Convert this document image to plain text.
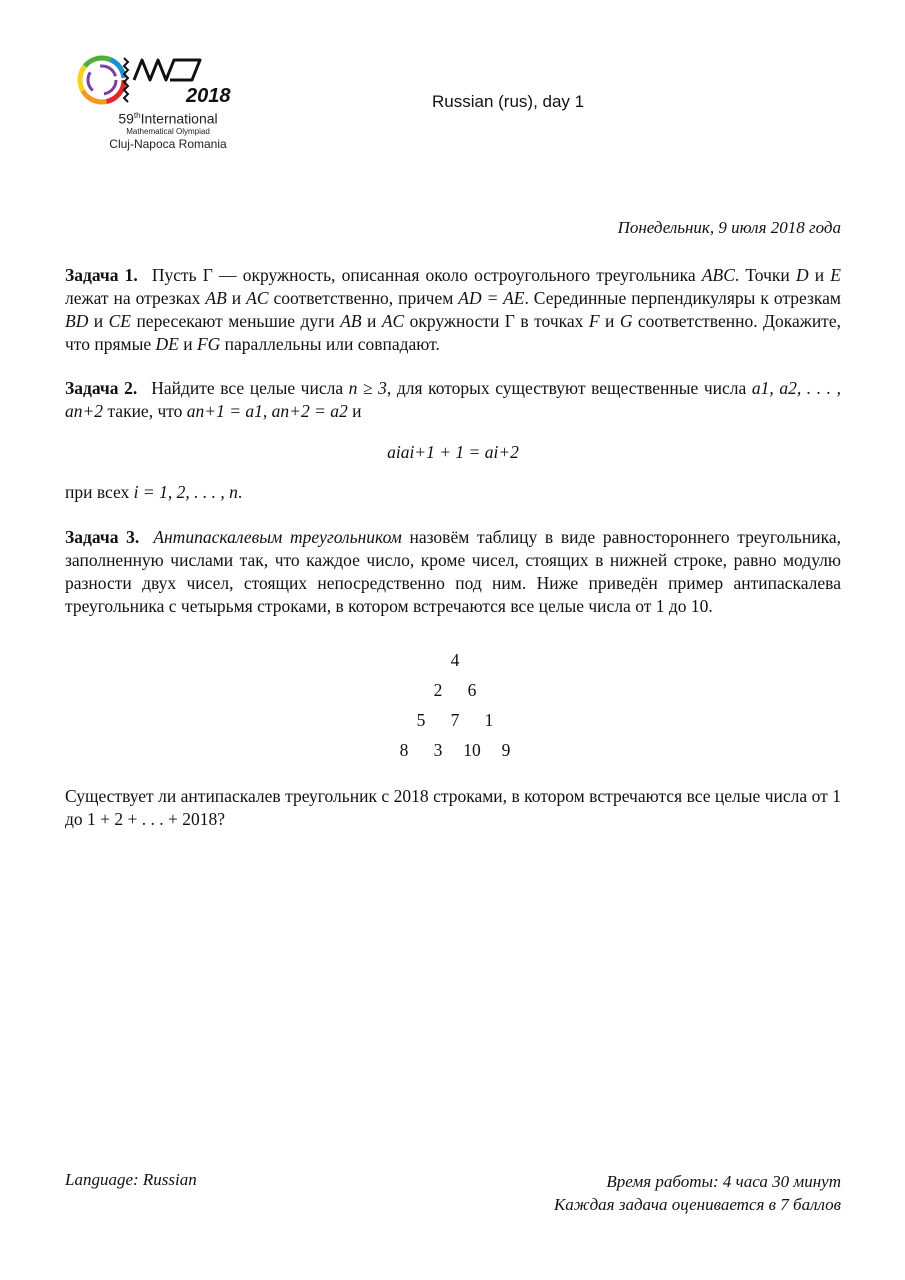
2018
59thInternational
Mathematical Olympiad
Cluj-Napoca Romania
Russian (rus), day 1
Понедельник, 9 июля 2018 года
Задача 1. Пусть Γ — окружность, описанная около остроугольного треугольника ABC. Точки D и E лежат на отрезках AB и AC соответственно, причем AD = AE. Серединные перпендикуляры к отрезкам BD и CE пересекают меньшие дуги AB и AC окружности Γ в точках F и G соответственно. Докажите, что прямые DE и FG параллельны или совпадают.
Задача 2. Найдите все целые числа n ≥ 3, для которых существуют вещественные числа a1, a2, . . . , an+2 такие, что an+1 = a1, an+2 = a2 и
aiai+1 + 1 = ai+2
при всех i = 1, 2, . . . , n.
Задача 3. Антипаскалевым треугольником назовём таблицу в виде равностороннего треугольника, заполненную числами так, что каждое число, кроме чисел, стоящих в нижней строке, равно модулю разности двух чисел, стоящих непосредственно под ним. Ниже приведён пример антипаскалева треугольника с четырьмя строками, в котором встречаются все целые числа от 1 до 10.
4
2	6
5	7	1
8	3	10	9
Существует ли антипаскалев треугольник с 2018 строками, в котором встречаются все целые числа от 1 до 1 + 2 + . . . + 2018?
Language: Russian	Время работы: 4 часа 30 минут
Каждая задача оценивается в 7 баллов
